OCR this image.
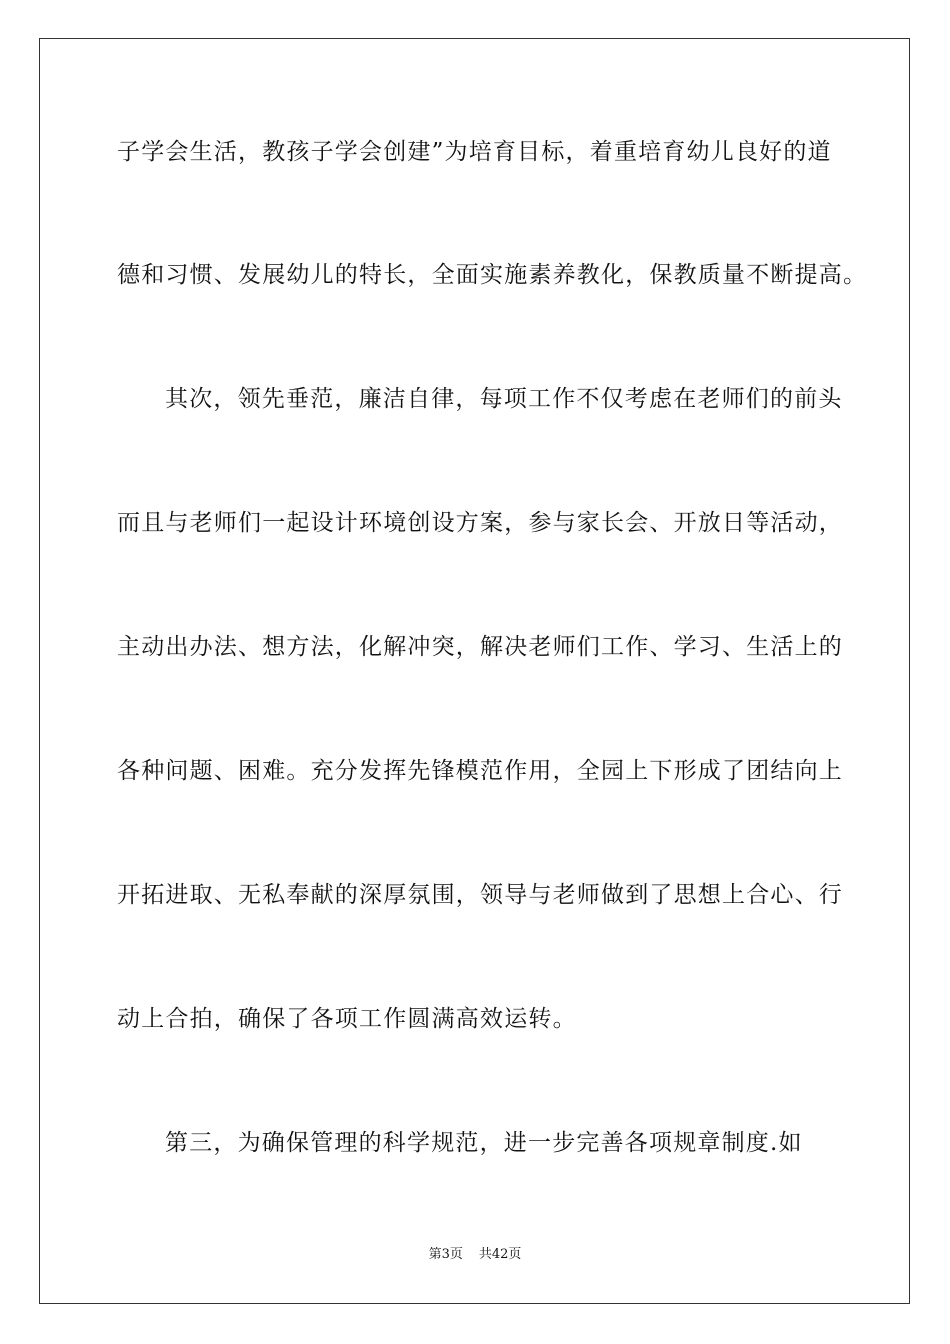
子学会生活，教孩子学会创建”为培育目标，着重培育幼儿良好的道
德和习惯、发展幼儿的特长，全面实施素养教化，保教质量不断提高。
其次，领先垂范，廉洁自律，每项工作不仅考虑在老师们的前头
而且与老师们一起设计环境创设方案，参与家长会、开放日等活动，
主动出办法、想方法，化解冲突，解决老师们工作、学习、生活上的
各种问题、困难。充分发挥先锋模范作用，全园上下形成了团结向上
开拓进取、无私奉献的深厚氛围，领导与老师做到了思想上合心、行
动上合拍，确保了各项工作圆满高效运转。
第三，为确保管理的科学规范，进一步完善各项规章制度.如
第3页 共42页
